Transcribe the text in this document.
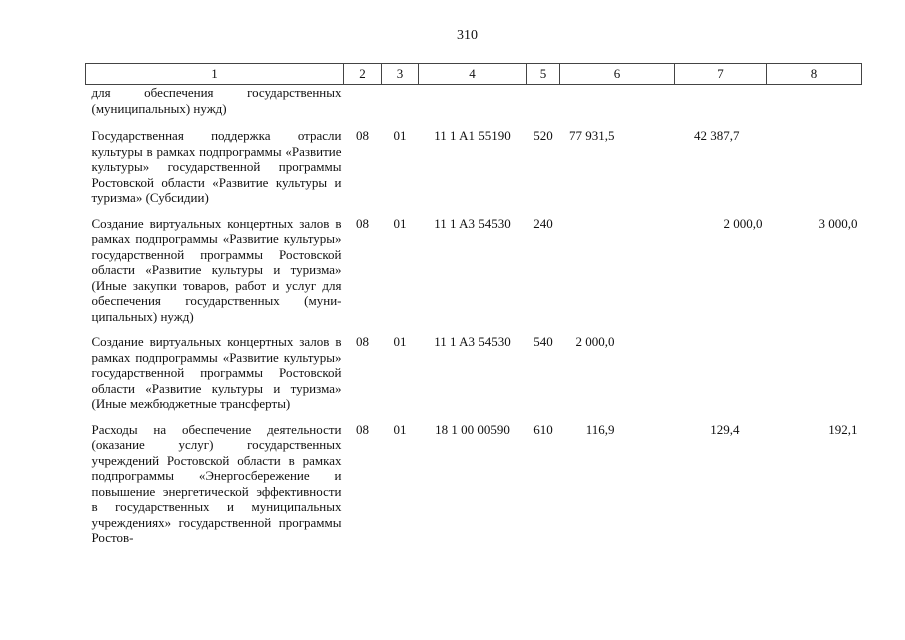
310
1	2	3	4	5	6	7	8
для обеспечения государственных (муниципальных) нужд)							
Государственная поддержка отрасли культуры в рамках подпрограммы «Развитие культуры» государственной программы Ростовской области «Развитие культуры и туризма» (Субсидии)	08	01	11 1 A1 55190	520	77 931,5	42 387,7	
Создание виртуальных концертных залов в рамках подпрограммы «Развитие культуры» государственной программы Ростовской области «Развитие культуры и туризма» (Иные закупки товаров, работ и услуг для обеспечения государственных (муниципальных) нужд)	08	01	11 1 A3 54530	240		2 000,0	3 000,0
Создание виртуальных концертных залов в рамках подпрограммы «Развитие культуры» государственной программы Ростовской области «Развитие культуры и туризма» (Иные межбюджетные трансферты)	08	01	11 1 A3 54530	540	2 000,0		
Расходы на обеспечение деятельности (оказание услуг) государственных учреждений Ростовской области в рамках подпрограммы «Энергосбережение и повышение энергетической эффективности в государственных и муниципальных учреждениях» государственной программы Ростов-	08	01	18 1 00 00590	610	116,9	129,4	192,1
